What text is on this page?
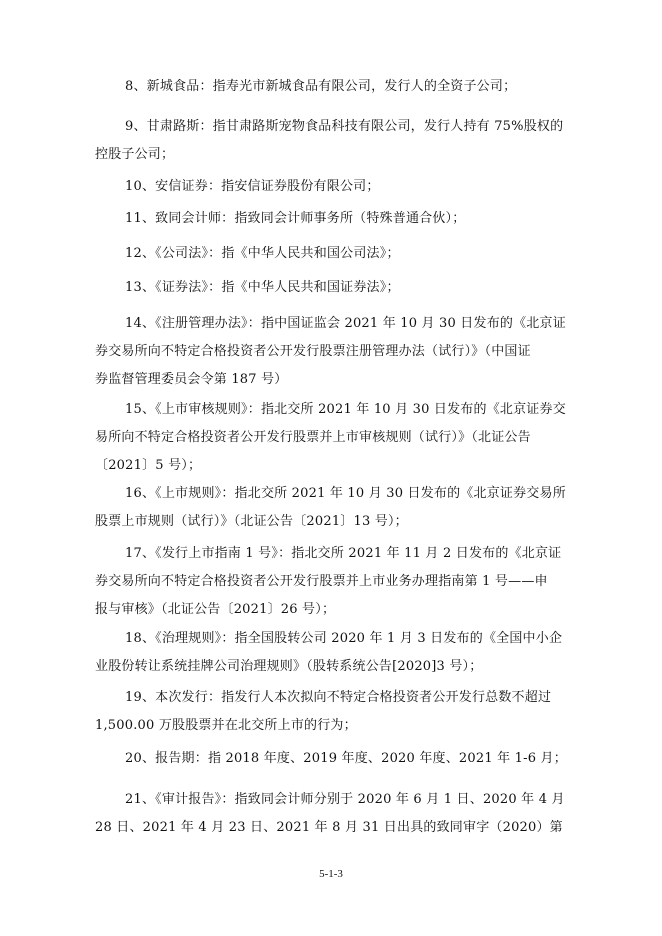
8、新城食品：指寿光市新城食品有限公司，发行人的全资子公司；
9、甘肃路斯：指甘肃路斯宠物食品科技有限公司，发行人持有 75%股权的
控股子公司；
10、安信证券：指安信证券股份有限公司；
11、致同会计师：指致同会计师事务所（特殊普通合伙）；
12、《公司法》：指《中华人民共和国公司法》；
13、《证券法》：指《中华人民共和国证券法》；
14、《注册管理办法》：指中国证监会 2021 年 10 月 30 日发布的《北京证
券交易所向不特定合格投资者公开发行股票注册管理办法（试行）》（中国证
券监督管理委员会令第 187 号）
15、《上市审核规则》：指北交所 2021 年 10 月 30 日发布的《北京证券交
易所向不特定合格投资者公开发行股票并上市审核规则（试行）》（北证公告
〔2021〕5 号）；
16、《上市规则》：指北交所 2021 年 10 月 30 日发布的《北京证券交易所
股票上市规则（试行）》（北证公告〔2021〕13 号）；
17、《发行上市指南 1 号》：指北交所 2021 年 11 月 2 日发布的《北京证
券交易所向不特定合格投资者公开发行股票并上市业务办理指南第 1 号——申
报与审核》（北证公告〔2021〕26 号）；
18、《治理规则》：指全国股转公司 2020 年 1 月 3 日发布的《全国中小企
业股份转让系统挂牌公司治理规则》（股转系统公告[2020]3 号）；
19、本次发行：指发行人本次拟向不特定合格投资者公开发行总数不超过
1,500.00 万股股票并在北交所上市的行为；
20、报告期：指 2018 年度、2019 年度、2020 年度、2021 年 1-6 月；
21、《审计报告》：指致同会计师分别于 2020 年 6 月 1 日、2020 年 4 月
28 日、2021 年 4 月 23 日、2021 年 8 月 31 日出具的致同审字（2020）第
5-1-3
